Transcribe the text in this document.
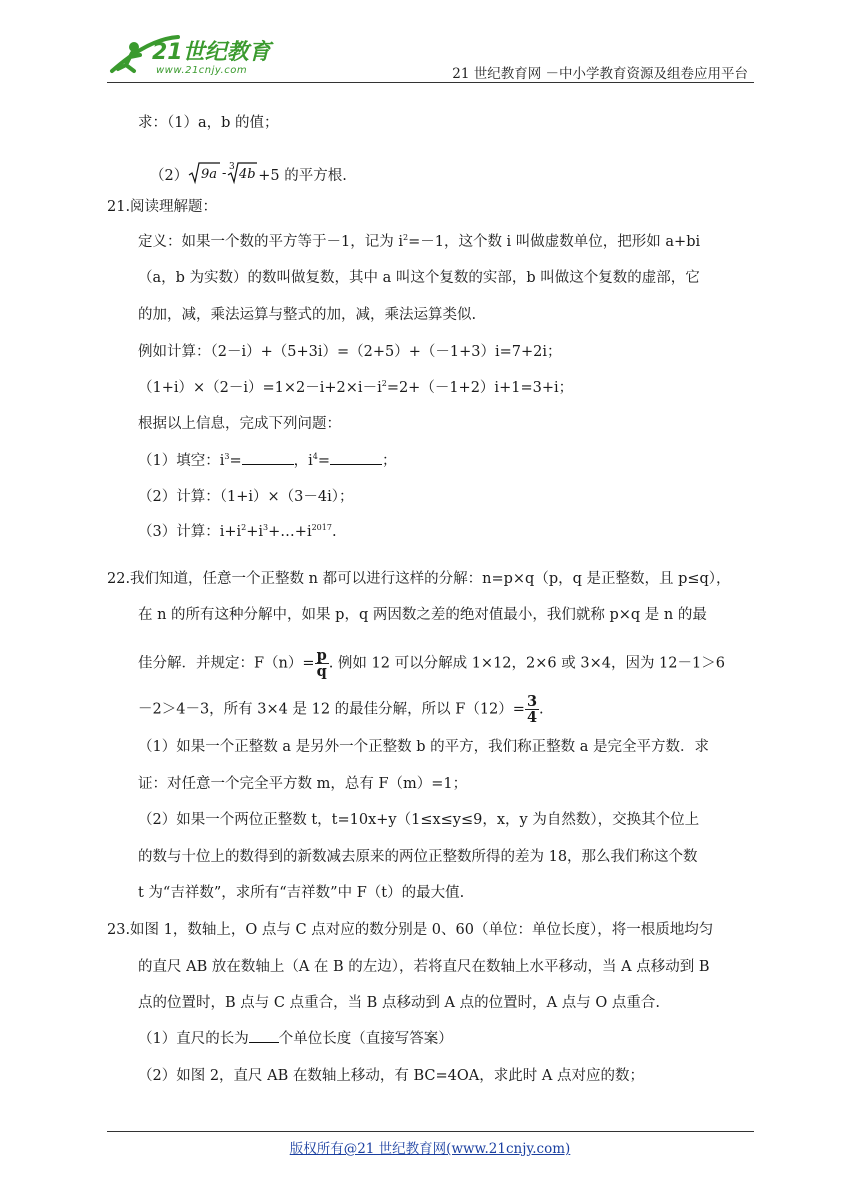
21世纪教育
www.21cnjy.com	21 世纪教育网 －中小学教育资源及组卷应用平台
求：（1）a，b 的值；
（2） 9a - 3 4b +5 的平方根.
21.阅读理解题：
定义：如果一个数的平方等于－1，记为 $i^2=-1$，这个数 i 叫做虚数单位，把形如 a+bi
（a，b 为实数）的数叫做复数，其中 a 叫这个复数的实部，b 叫做这个复数的虚部，它
的加，减，乘法运算与整式的加，减，乘法运算类似.
例如计算：（2－i）+（5+3i）=（2+5）+（－1+3）i=7+2i；
$(1+i)\times(2-i)=1\times 2-i+2\times i-i^2=2+(-1+2)i+1=3+i$；
根据以上信息，完成下列问题：
（1）填空：$i^3=$	，$i^4=$	；
（2）计算：（1+i）×（3－4i）；
（3）计算：$i+i^2+i^3+\dots+i^{2017}$.
22.我们知道，任意一个正整数 n 都可以进行这样的分解：n=p×q（p，q 是正整数，且 p≤q），
在 n 的所有这种分解中，如果 p，q 两因数之差的绝对值最小，我们就称 p×q 是 n 的最
佳分解．并规定：$F(n)= \frac{p}{q}$ . 例如 12 可以分解成 1×12，2×6 或 3×4，因为 12－1＞6
－2＞4－3，所有 3×4 是 12 的最佳分解，所以 $F(12)= \frac{3}{4}$ .
（1）如果一个正整数 a 是另外一个正整数 b 的平方，我们称正整数 a 是完全平方数．求
证：对任意一个完全平方数 m，总有 F（m）=1；
（2）如果一个两位正整数 t，t=10x+y（1≤x≤y≤9，x，y 为自然数），交换其个位上
的数与十位上的数得到的新数减去原来的两位正整数所得的差为 18，那么我们称这个数
t 为“吉祥数”，求所有“吉祥数”中 F（t）的最大值.
23.如图 1，数轴上，O 点与 C 点对应的数分别是 0、60（单位：单位长度），将一根质地均匀
的直尺 AB 放在数轴上（A 在 B 的左边），若将直尺在数轴上水平移动，当 A 点移动到 B
点的位置时，B 点与 C 点重合，当 B 点移动到 A 点的位置时，A 点与 O 点重合.
（1）直尺的长为 个单位长度（直接写答案）
（2）如图 2，直尺 AB 在数轴上移动，有 BC=4OA，求此时 A 点对应的数；
版权所有@21 世纪教育网(www.21cnjy.com)
